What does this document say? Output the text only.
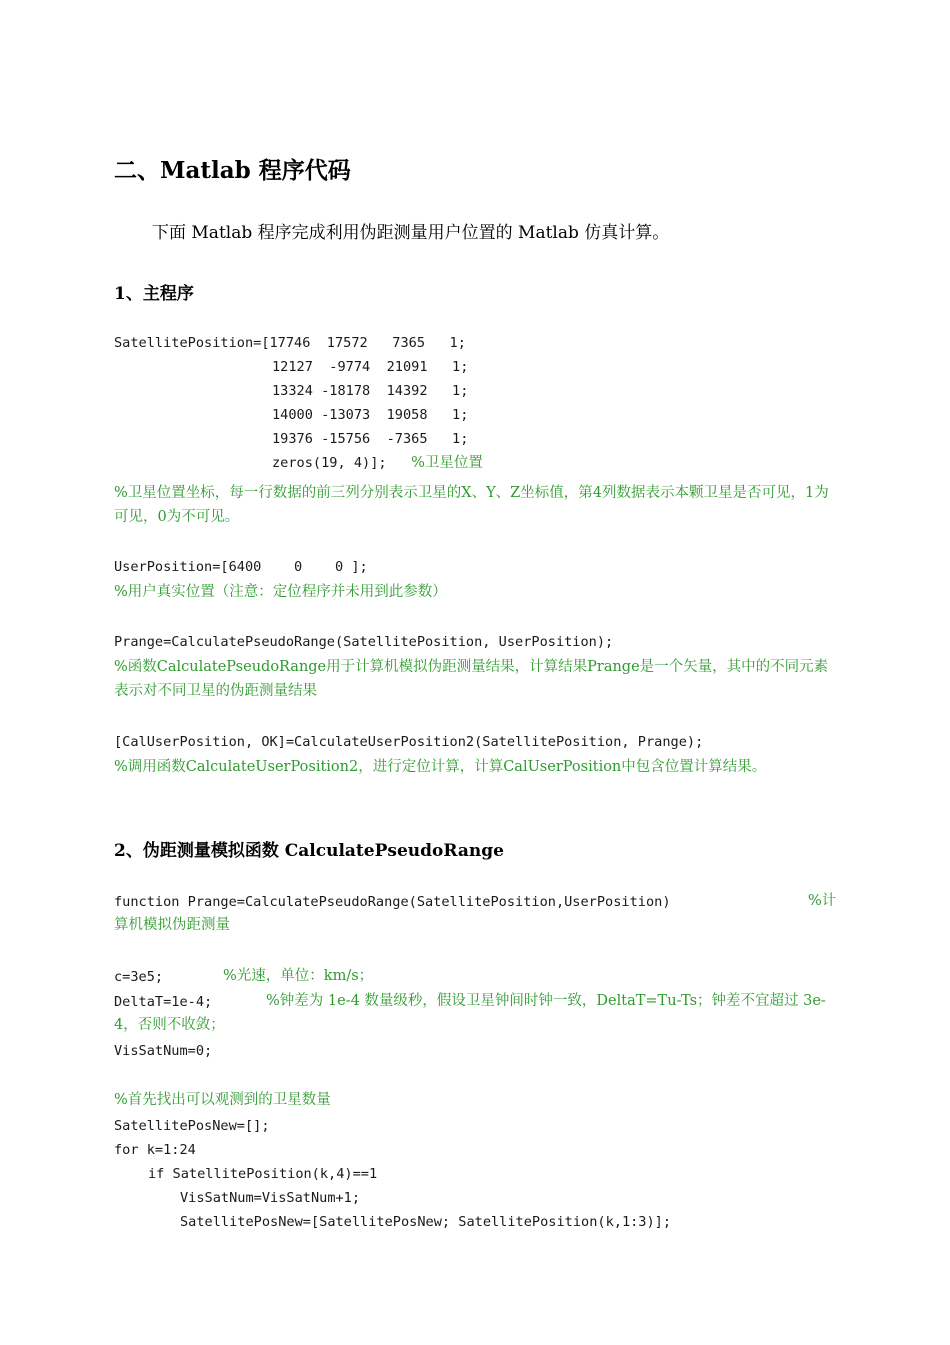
二、Matlab 程序代码
下面 Matlab 程序完成利用伪距测量用户位置的 Matlab 仿真计算。
1、主程序
SatellitePosition=[17746  17572   7365   1;
12127  -9774  21091   1;
13324 -18178  14392   1;
14000 -13073  19058   1;
19376 -15756  -7365   1;
zeros(19, 4)]; %卫星位置
%卫星位置坐标，每一行数据的前三列分别表示卫星的X、Y、Z坐标值，第4列数据表示本颗卫星是否可见，1为可见，0为不可见。
UserPosition=[6400    0    0 ];
%用户真实位置（注意：定位程序并未用到此参数）
Prange=CalculatePseudoRange(SatellitePosition, UserPosition);
%函数CalculatePseudoRange用于计算机模拟伪距测量结果，计算结果Prange是一个矢量，其中的不同元素表示对不同卫星的伪距测量结果
[CalUserPosition, OK]=CalculateUserPosition2(SatellitePosition, Prange);
%调用函数CalculateUserPosition2，进行定位计算，计算CalUserPosition中包含位置计算结果。
2、伪距测量模拟函数 CalculatePseudoRange
function Prange=CalculatePseudoRange(SatellitePosition,UserPosition)	%计算机模拟伪距测量
c=3e5;	%光速，单位：km/s；
DeltaT=1e-4;	%钟差为 1e-4 数量级秒，假设卫星钟间时钟一致，DeltaT=Tu-Ts；钟差不宜超过 3e-4，否则不收敛；
VisSatNum=0;
%首先找出可以观测到的卫星数量
SatellitePosNew=[];
for k=1:24
if SatellitePosition(k,4)==1
VisSatNum=VisSatNum+1;
SatellitePosNew=[SatellitePosNew; SatellitePosition(k,1:3)];
